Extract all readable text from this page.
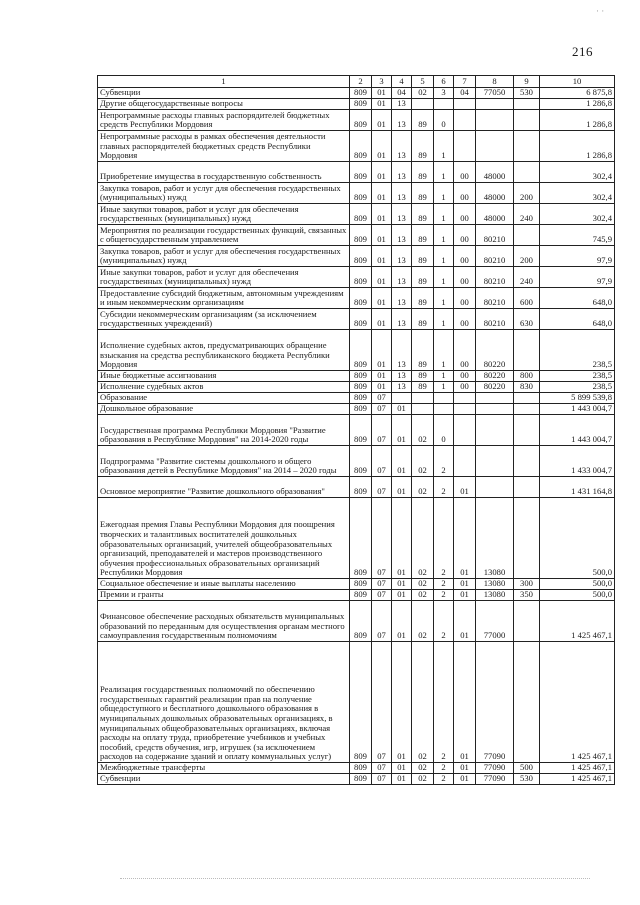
· ·
216
1	2	3	4	5	6	7	8	9	10
Субвенции	809	01	04	02	3	04	77050	530	6 875,8
Другие общегосударственные вопросы	809	01	13						1 286,8
Непрограммные расходы главных распорядителей бюджетных средств Республики Мордовия	809	01	13	89	0				1 286,8
Непрограммные расходы в рамках обеспечения деятельности главных распорядителей бюджетных средств Республики Мордовия	809	01	13	89	1				1 286,8
Приобретение имущества в государственную собственность	809	01	13	89	1	00	48000		302,4
Закупка товаров, работ и услуг для обеспечения государственных (муниципальных) нужд	809	01	13	89	1	00	48000	200	302,4
Иные закупки товаров, работ и услуг для обеспечения государственных (муниципальных) нужд	809	01	13	89	1	00	48000	240	302,4
Мероприятия по реализации государственных функций, связанных с общегосударственным управлением	809	01	13	89	1	00	80210		745,9
Закупка товаров, работ и услуг для обеспечения государственных (муниципальных) нужд	809	01	13	89	1	00	80210	200	97,9
Иные закупки товаров, работ и услуг для обеспечения государственных (муниципальных) нужд	809	01	13	89	1	00	80210	240	97,9
Предоставление субсидий бюджетным, автономным учреждениям и иным некоммерческим организациям	809	01	13	89	1	00	80210	600	648,0
Субсидии некоммерческим организациям (за исключением государственных учреждений)	809	01	13	89	1	00	80210	630	648,0
Исполнение судебных актов, предусматривающих обращение взыскания на средства республиканского бюджета Республики Мордовия	809	01	13	89	1	00	80220		238,5
Иные бюджетные ассигнования	809	01	13	89	1	00	80220	800	238,5
Исполнение судебных актов	809	01	13	89	1	00	80220	830	238,5
Образование	809	07							5 899 539,8
Дошкольное образование	809	07	01						1 443 004,7
Государственная программа Республики Мордовия "Развитие образования в Республике Мордовия" на 2014-2020 годы	809	07	01	02	0				1 443 004,7
Подпрограмма "Развитие системы дошкольного и общего образования детей в Республике Мордовия" на 2014 – 2020 годы	809	07	01	02	2				1 433 004,7
Основное мероприятие "Развитие дошкольного образования"	809	07	01	02	2	01			1 431 164,8
Ежегодная премия Главы Республики Мордовия для поощрения творческих и талантливых воспитателей дошкольных образовательных организаций, учителей общеобразовательных организаций, преподавателей и мастеров производственного обучения профессиональных образовательных организаций Республики Мордовия	809	07	01	02	2	01	13080		500,0
Социальное обеспечение и иные выплаты населению	809	07	01	02	2	01	13080	300	500,0
Премии и гранты	809	07	01	02	2	01	13080	350	500,0
Финансовое обеспечение расходных обязательств муниципальных образований по переданным для осуществления органам местного самоуправления государственным полномочиям	809	07	01	02	2	01	77000		1 425 467,1
Реализация государственных полномочий по обеспечению государственных гарантий реализации прав на получение общедоступного и бесплатного дошкольного образования в муниципальных дошкольных образовательных организациях, в муниципальных общеобразовательных организациях, включая расходы на оплату труда, приобретение учебников и учебных пособий, средств обучения, игр, игрушек (за исключением расходов на содержание зданий и оплату коммунальных услуг)	809	07	01	02	2	01	77090		1 425 467,1
Межбюджетные трансферты	809	07	01	02	2	01	77090	500	1 425 467,1
Субвенции	809	07	01	02	2	01	77090	530	1 425 467,1
